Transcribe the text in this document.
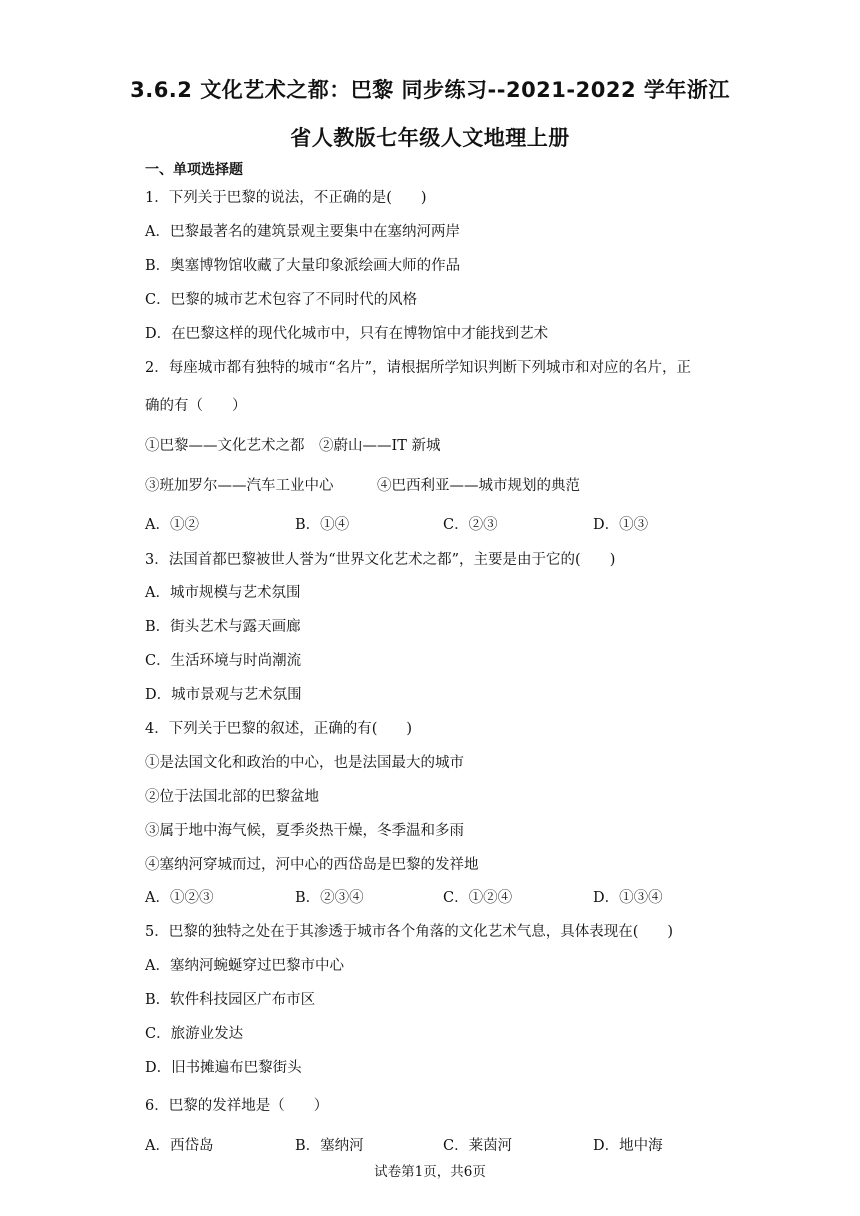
3.6.2 文化艺术之都：巴黎 同步练习--2021-2022 学年浙江
省人教版七年级人文地理上册
一、单项选择题
1．下列关于巴黎的说法，不正确的是(　　)
A．巴黎最著名的建筑景观主要集中在塞纳河两岸
B．奥塞博物馆收藏了大量印象派绘画大师的作品
C．巴黎的城市艺术包容了不同时代的风格
D．在巴黎这样的现代化城市中，只有在博物馆中才能找到艺术
2．每座城市都有独特的城市“名片”，请根据所学知识判断下列城市和对应的名片，正
确的有（　　）
①巴黎——文化艺术之都　②蔚山——IT 新城
③班加罗尔——汽车工业中心　　　④巴西利亚——城市规划的典范
A．①②	B．①④	C．②③	D．①③
3．法国首都巴黎被世人誉为“世界文化艺术之都”，主要是由于它的(　　)
A．城市规模与艺术氛围
B．街头艺术与露天画廊
C．生活环境与时尚潮流
D．城市景观与艺术氛围
4．下列关于巴黎的叙述，正确的有(　　)
①是法国文化和政治的中心，也是法国最大的城市
②位于法国北部的巴黎盆地
③属于地中海气候，夏季炎热干燥，冬季温和多雨
④塞纳河穿城而过，河中心的西岱岛是巴黎的发祥地
A．①②③	B．②③④	C．①②④	D．①③④
5．巴黎的独特之处在于其渗透于城市各个角落的文化艺术气息，具体表现在(　　)
A．塞纳河蜿蜒穿过巴黎市中心
B．软件科技园区广布市区
C．旅游业发达
D．旧书摊遍布巴黎街头
6．巴黎的发祥地是（　　）
A．西岱岛	B．塞纳河	C．莱茵河	D．地中海
试卷第1页，共6页
